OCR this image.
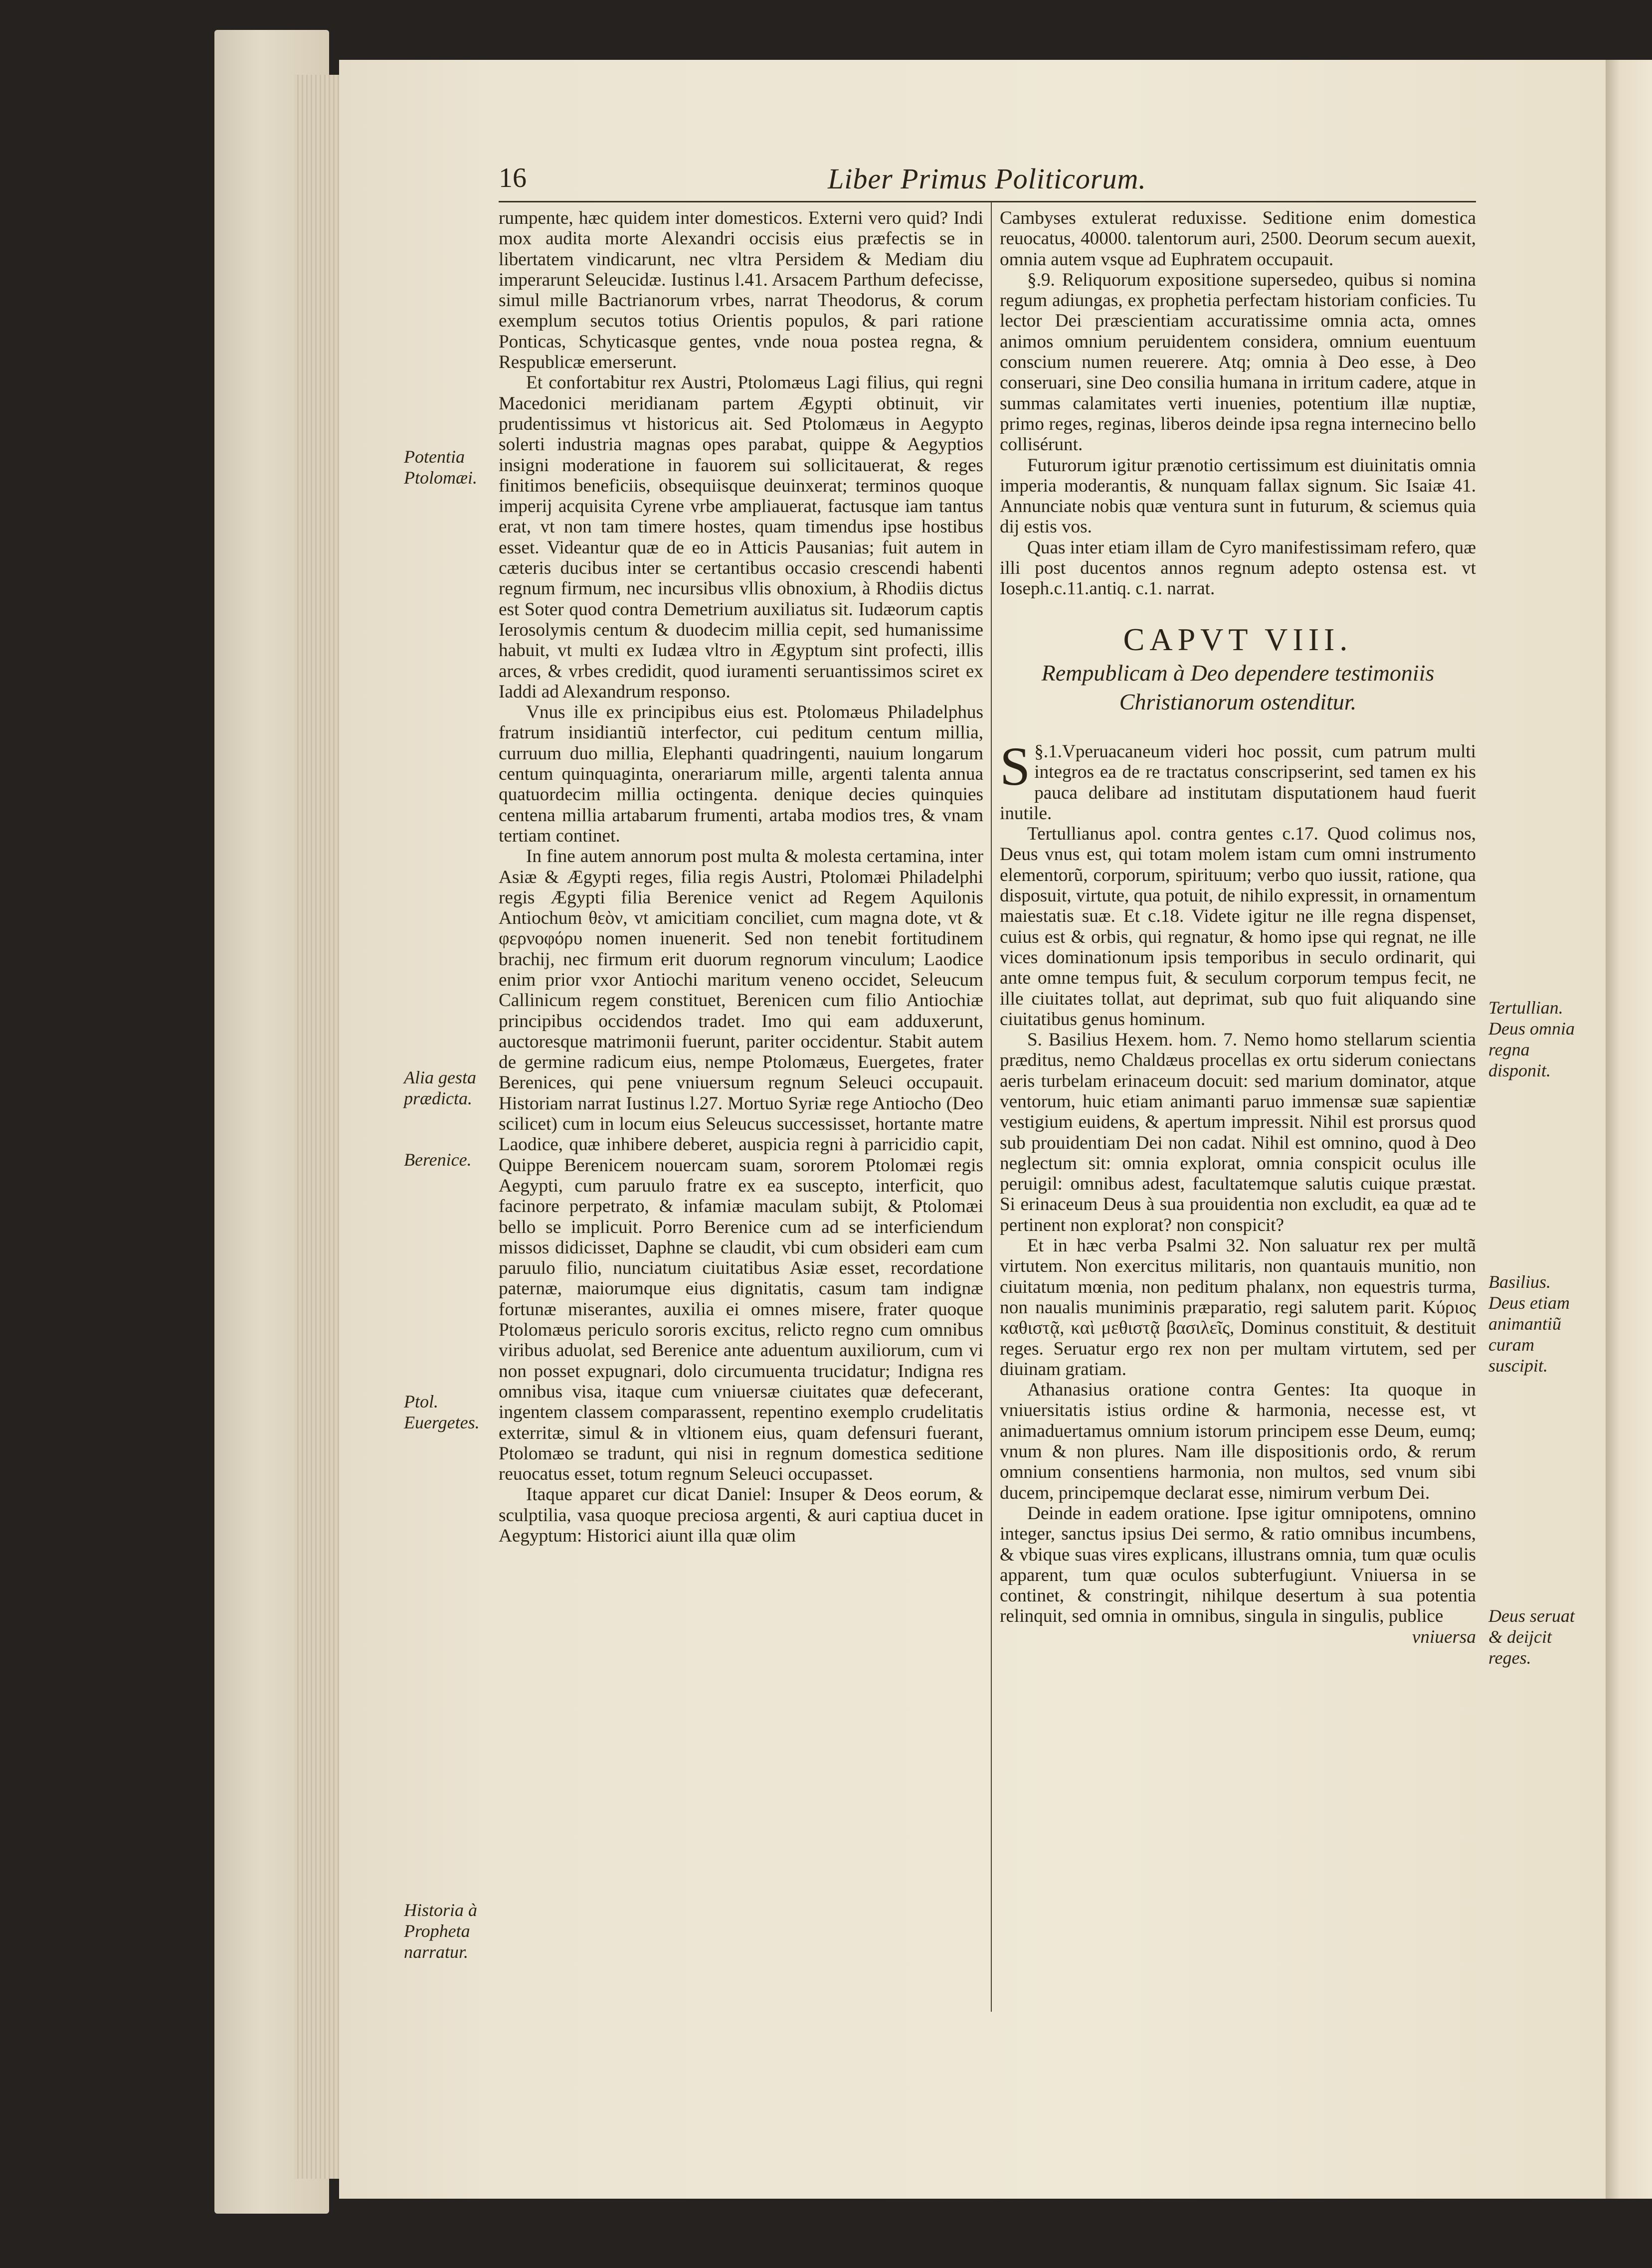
16	Liber Primus Politicorum.

rumpente, hæc quidem inter domesticos. Externi vero quid? Indi mox audita morte Alexandri occisis eius præfectis se in libertatem vindicarunt, nec vltra Persidem & Mediam diu imperarunt Seleucidæ. Iustinus l.41. Arsacem Parthum defecisse, simul mille Bactrianorum vrbes, narrat Theodorus, & corum exemplum secutos totius Orientis populos, & pari ratione Ponticas, Schyticasque gentes, vnde noua postea regna, & Respublicæ emerserunt.

Et confortabitur rex Austri, Ptolomæus Lagi filius, qui regni Macedonici meridianam partem Ægypti obtinuit, vir prudentissimus vt historicus ait. Sed Ptolomæus in Aegypto solerti industria magnas opes parabat, quippe & Aegyptios insigni moderatione in fauorem sui sollicitauerat, & reges finitimos beneficiis, obsequiisque deuinxerat; terminos quoque imperij acquisita Cyrene vrbe ampliauerat, factusque iam tantus erat, vt non tam timere hostes, quam timendus ipse hostibus esset. Videantur quæ de eo in Atticis Pausanias; fuit autem in cæteris ducibus inter se certantibus occasio crescendi habenti regnum firmum, nec incursibus vllis obnoxium, à Rhodiis dictus est Soter quod contra Demetrium auxiliatus sit. Iudæorum captis Ierosolymis centum & duodecim millia cepit, sed humanissime habuit, vt multi ex Iudæa vltro in Ægyptum sint profecti, illis arces, & vrbes credidit, quod iuramenti seruantissimos sciret ex Iaddi ad Alexandrum responso.

Vnus ille ex principibus eius est. Ptolomæus Philadelphus fratrum insidiantiũ interfector, cui peditum centum millia, curruum duo millia, Elephanti quadringenti, nauium longarum centum quinquaginta, onerariarum mille, argenti talenta annua quatuordecim millia octingenta. denique decies quinquies centena millia artabarum frumenti, artaba modios tres, & vnam tertiam continet.

In fine autem annorum post multa & molesta certamina, inter Asiæ & Ægypti reges, filia regis Austri, Ptolomæi Philadelphi regis Ægypti filia Berenice venict ad Regem Aquilonis Antiochum θεὸν, vt amicitiam conciliet, cum magna dote, vt & φερνοφόρυ nomen inuenerit. Sed non tenebit fortitudinem brachij, nec firmum erit duorum regnorum vinculum; Laodice enim prior vxor Antiochi maritum veneno occidet, Seleucum Callinicum regem constituet, Berenicen cum filio Antiochiæ principibus occidendos tradet. Imo qui eam adduxerunt, auctoresque matrimonii fuerunt, pariter occidentur. Stabit autem de germine radicum eius, nempe Ptolomæus, Euergetes, frater Berenices, qui pene vniuersum regnum Seleuci occupauit. Historiam narrat Iustinus l.27. Mortuo Syriæ rege Antiocho (Deo scilicet) cum in locum eius Seleucus successisset, hortante matre Laodice, quæ inhibere deberet, auspicia regni à parricidio capit, Quippe Berenicem nouercam suam, sororem Ptolomæi regis Aegypti, cum paruulo fratre ex ea suscepto, interficit, quo facinore perpetrato, & infamiæ maculam subijt, & Ptolomæi bello se implicuit. Porro Berenice cum ad se interficiendum missos didicisset, Daphne se claudit, vbi cum obsideri eam cum paruulo filio, nunciatum ciuitatibus Asiæ esset, recordatione paternæ, maiorumque eius dignitatis, casum tam indignæ fortunæ miserantes, auxilia ei omnes misere, frater quoque Ptolomæus periculo sororis excitus, relicto regno cum omnibus viribus aduolat, sed Berenice ante aduentum auxiliorum, cum vi non posset expugnari, dolo circumuenta trucidatur; Indigna res omnibus visa, itaque cum vniuersæ ciuitates quæ defecerant, ingentem classem comparassent, repentino exemplo crudelitatis exterritæ, simul & in vltionem eius, quam defensuri fuerant, Ptolomæo se tradunt, qui nisi in regnum domestica seditione reuocatus esset, totum regnum Seleuci occupasset.

Itaque apparet cur dicat Daniel: Insuper & Deos eorum, & sculptilia, vasa quoque preciosa argenti, & auri captiua ducet in Aegyptum: Historici aiunt illa quæ olim

Cambyses extulerat reduxisse. Seditione enim domestica reuocatus, 40000. talentorum auri, 2500. Deorum secum auexit, omnia autem vsque ad Euphratem occupauit.

§.9. Reliquorum expositione supersedeo, quibus si nomina regum adiungas, ex prophetia perfectam historiam conficies. Tu lector Dei præscientiam accuratissime omnia acta, omnes animos omnium peruidentem considera, omnium euentuum conscium numen reuerere. Atq; omnia à Deo esse, à Deo conseruari, sine Deo consilia humana in irritum cadere, atque in summas calamitates verti inuenies, potentium illæ nuptiæ, primo reges, reginas, liberos deinde ipsa regna internecino bello collisérunt.

Futurorum igitur prænotio certissimum est diuinitatis omnia imperia moderantis, & nunquam fallax signum. Sic Isaiæ 41. Annunciate nobis quæ ventura sunt in futurum, & sciemus quia dij estis vos.

Quas inter etiam illam de Cyro manifestissimam refero, quæ illi post ducentos annos regnum adepto ostensa est. vt Ioseph.c.11.antiq. c.1. narrat.

CAPVT VIII.
Rempublicam à Deo dependere testimoniis Christianorum ostenditur.

§.1.
S Vperuacaneum videri hoc possit, cum patrum multi integros ea de re tractatus conscripserint, sed tamen ex his pauca delibare ad institutam disputationem haud fuerit inutile.

Tertullianus apol. contra gentes c.17. Quod colimus nos, Deus vnus est, qui totam molem istam cum omni instrumento elementorũ, corporum, spirituum; verbo quo iussit, ratione, qua disposuit, virtute, qua potuit, de nihilo expressit, in ornamentum maiestatis suæ. Et c.18. Videte igitur ne ille regna dispenset, cuius est & orbis, qui regnatur, & homo ipse qui regnat, ne ille vices dominationum ipsis temporibus in seculo ordinarit, qui ante omne tempus fuit, & seculum corporum tempus fecit, ne ille ciuitates tollat, aut deprimat, sub quo fuit aliquando sine ciuitatibus genus hominum.

S. Basilius Hexem. hom. 7. Nemo homo stellarum scientia præditus, nemo Chaldæus procellas ex ortu siderum coniectans aeris turbelam erinaceum docuit: sed marium dominator, atque ventorum, huic etiam animanti paruo immensæ suæ sapientiæ vestigium euidens, & apertum impressit. Nihil est prorsus quod sub prouidentiam Dei non cadat. Nihil est omnino, quod à Deo neglectum sit: omnia explorat, omnia conspicit oculus ille peruigil: omnibus adest, facultatemque salutis cuique præstat. Si erinaceum Deus à sua prouidentia non excludit, ea quæ ad te pertinent non explorat? non conspicit?

Et in hæc verba Psalmi 32. Non saluatur rex per multã virtutem. Non exercitus militaris, non quantauis munitio, non ciuitatum mœnia, non peditum phalanx, non equestris turma, non naualis muniminis præparatio, regi salutem parit. Κύριος καθιστᾷ, καὶ μεθιστᾷ βασιλεῖς, Dominus constituit, & destituit reges. Seruatur ergo rex non per multam virtutem, sed per diuinam gratiam.

Athanasius oratione contra Gentes: Ita quoque in vniuersitatis istius ordine & harmonia, necesse est, vt animaduertamus omnium istorum principem esse Deum, eumq; vnum & non plures. Nam ille dispositionis ordo, & rerum omnium consentiens harmonia, non multos, sed vnum sibi ducem, principemque declarat esse, nimirum verbum Dei.

Deinde in eadem oratione. Ipse igitur omnipotens, omnino integer, sanctus ipsius Dei sermo, & ratio omnibus incumbens, & vbique suas vires explicans, illustrans omnia, tum quæ oculis apparent, tum quæ oculos subterfugiunt. Vniuersa in se continet, & constringit, nihilque desertum à sua potentia relinquit, sed omnia in omnibus, singula in singulis, publice

vniuersa

Potentia Ptolomæi.
Alia gesta prædicta.
Berenice.
Ptol. Euergetes.
Historia à Propheta narratur.
Tertullian. Deus omnia regna disponit.
Basilius. Deus etiam animantiũ curam suscipit.
Deus seruat & deijcit reges.
